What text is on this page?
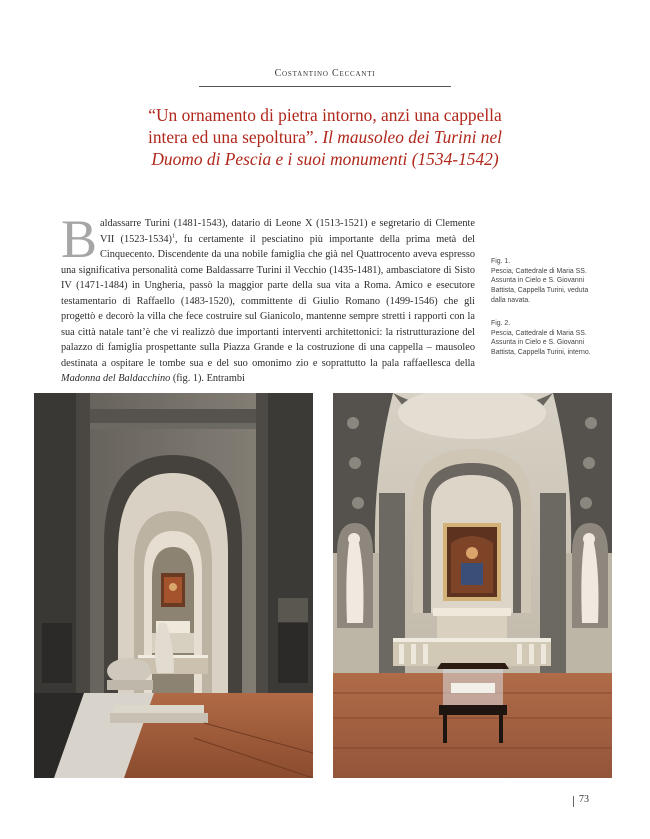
Costantino Ceccanti
“Un ornamento di pietra intorno, anzi una cappella
intera ed una sepoltura”. Il mausoleo dei Turini nel
Duomo di Pescia e i suoi monumenti (1534-1542)
Baldassarre Turini (1481-1543), datario di Leone X (1513-1521) e segretario di Clemente VII (1523-1534)$^1$, fu certamente il pesciatino più importante della prima metà del Cinquecento. Discendente da una nobile famiglia che già nel Quattrocento aveva espresso una significativa personalità come Baldassarre Turini il Vecchio (1435-1481), ambasciatore di Sisto IV (1471-1484) in Ungheria, passò la maggior parte della sua vita a Roma. Amico e esecutore testamentario di Raffaello (1483-1520), committente di Giulio Romano (1499-1546) che gli progettò e decorò la villa che fece costruire sul Gianicolo, mantenne sempre stretti i rapporti con la sua città natale tant’è che vi realizzò due importanti interventi architettonici: la ristrutturazione del palazzo di famiglia prospettante sulla Piazza Grande e la costruzione di una cappella – mausoleo destinata a ospitare le tombe sua e del suo omonimo zio e soprattutto la pala raffaellesca della Madonna del Baldacchino (fig. 1). Entrambi
Fig. 1.
Pescia, Cattedrale di Maria SS. Assunta in Cielo e S. Giovanni Battista, Cappella Turini, veduta dalla navata.
Fig. 2.
Pescia, Cattedrale di Maria SS. Assunta in Cielo e S. Giovanni Battista, Cappella Turini, interno.
73
